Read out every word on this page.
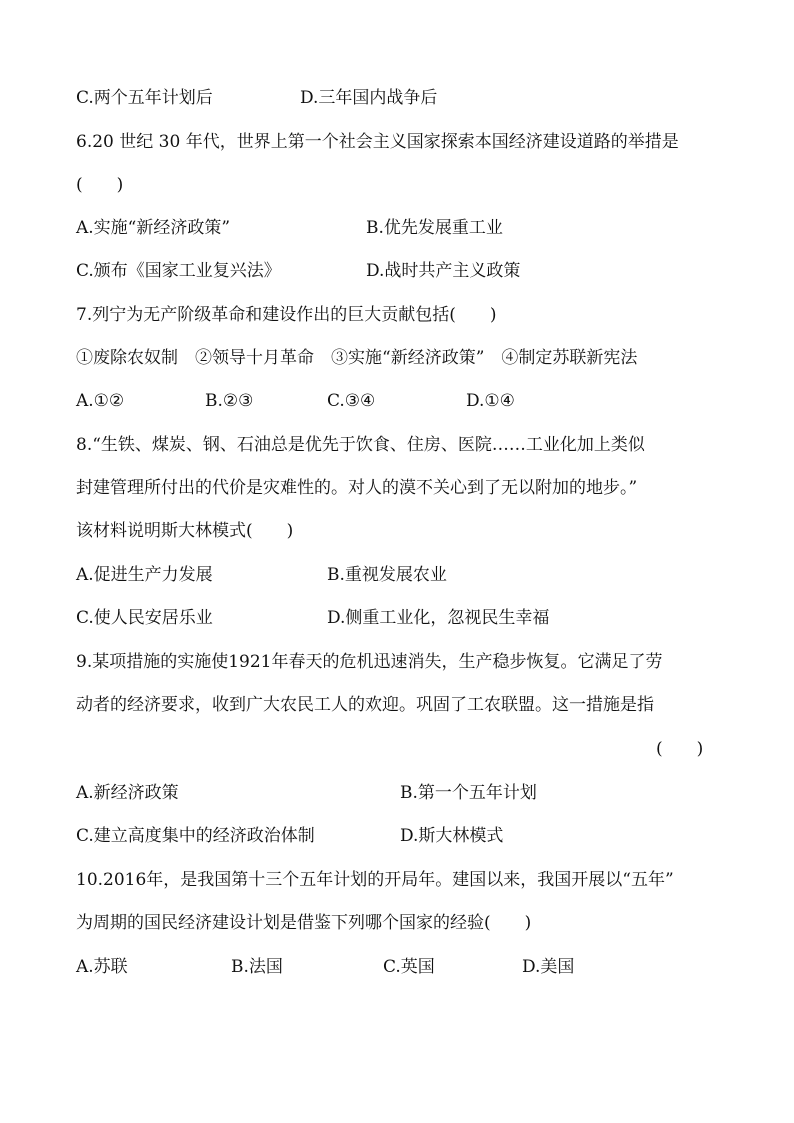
C.两个五年计划后	D.三年国内战争后
6.20 世纪 30 年代，世界上第一个社会主义国家探索本国经济建设道路的举措是
(　　)
A.实施“新经济政策”	B.优先发展重工业
C.颁布《国家工业复兴法》	D.战时共产主义政策
7.列宁为无产阶级革命和建设作出的巨大贡献包括(　　)
①废除农奴制　②领导十月革命　③实施“新经济政策”　④制定苏联新宪法
A.①②	B.②③	C.③④	D.①④
8.“生铁、煤炭、钢、石油总是优先于饮食、住房、医院……工业化加上类似
封建管理所付出的代价是灾难性的。对人的漠不关心到了无以附加的地步。”
该材料说明斯大林模式(　　)
A.促进生产力发展	B.重视发展农业
C.使人民安居乐业	D.侧重工业化，忽视民生幸福
9.某项措施的实施使1921年春天的危机迅速消失，生产稳步恢复。它满足了劳
动者的经济要求，收到广大农民工人的欢迎。巩固了工农联盟。这一措施是指
(　　)
A.新经济政策	B.第一个五年计划
C.建立高度集中的经济政治体制	D.斯大林模式
10.2016年，是我国第十三个五年计划的开局年。建国以来，我国开展以“五年”
为周期的国民经济建设计划是借鉴下列哪个国家的经验(　　)
A.苏联	B.法国	C.英国	D.美国
